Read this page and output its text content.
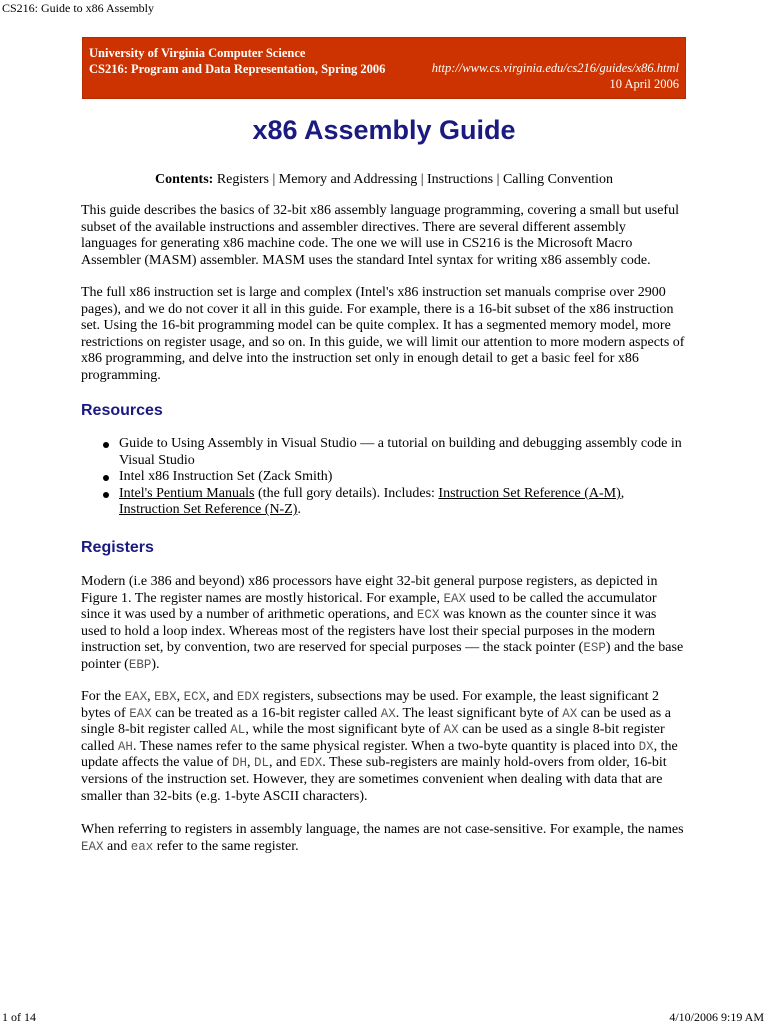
CS216: Guide to x86 Assembly
University of Virginia Computer Science
CS216: Program and Data Representation, Spring 2006	http://www.cs.virginia.edu/cs216/guides/x86.html
10 April 2006
x86 Assembly Guide
Contents: Registers | Memory and Addressing | Instructions | Calling Convention

This guide describes the basics of 32-bit x86 assembly language programming, covering a small but useful subset of the available instructions and assembler directives. There are several different assembly languages for generating x86 machine code. The one we will use in CS216 is the Microsoft Macro Assembler (MASM) assembler. MASM uses the standard Intel syntax for writing x86 assembly code.

The full x86 instruction set is large and complex (Intel's x86 instruction set manuals comprise over 2900 pages), and we do not cover it all in this guide. For example, there is a 16-bit subset of the x86 instruction set. Using the 16-bit programming model can be quite complex. It has a segmented memory model, more restrictions on register usage, and so on. In this guide, we will limit our attention to more modern aspects of x86 programming, and delve into the instruction set only in enough detail to get a basic feel for x86 programming.

Resources
Guide to Using Assembly in Visual Studio — a tutorial on building and debugging assembly code in Visual Studio
Intel x86 Instruction Set (Zack Smith)
Intel's Pentium Manuals (the full gory details). Includes: Instruction Set Reference (A-M), Instruction Set Reference (N-Z).
Registers

Modern (i.e 386 and beyond) x86 processors have eight 32-bit general purpose registers, as depicted in Figure 1. The register names are mostly historical. For example, EAX used to be called the accumulator since it was used by a number of arithmetic operations, and ECX was known as the counter since it was used to hold a loop index. Whereas most of the registers have lost their special purposes in the modern instruction set, by convention, two are reserved for special purposes — the stack pointer (ESP) and the base pointer (EBP).

For the EAX, EBX, ECX, and EDX registers, subsections may be used. For example, the least significant 2 bytes of EAX can be treated as a 16-bit register called AX. The least significant byte of AX can be used as a single 8-bit register called AL, while the most significant byte of AX can be used as a single 8-bit register called AH. These names refer to the same physical register. When a two-byte quantity is placed into DX, the update affects the value of DH, DL, and EDX. These sub-registers are mainly hold-overs from older, 16-bit versions of the instruction set. However, they are sometimes convenient when dealing with data that are smaller than 32-bits (e.g. 1-byte ASCII characters).

When referring to registers in assembly language, the names are not case-sensitive. For example, the names EAX and eax refer to the same register.

1 of 14	4/10/2006 9:19 AM
